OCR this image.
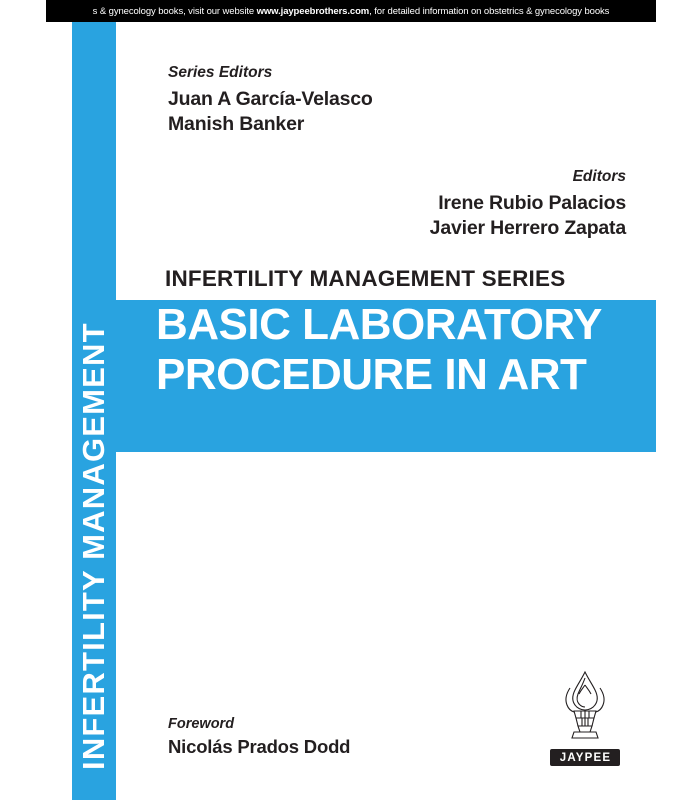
s & gynecology books, visit our website www.jaypeebrothers.com, for detailed information on obstetrics & gynecology books
INFERTILITY MANAGEMENT
Series Editors
Juan A García-Velasco
Manish Banker
Editors
Irene Rubio Palacios
Javier Herrero Zapata
Foreword
Nicolás Prados Dodd
JAYPEE
INFERTILITY MANAGEMENT SERIES
BASIC LABORATORY
PROCEDURE IN ART
